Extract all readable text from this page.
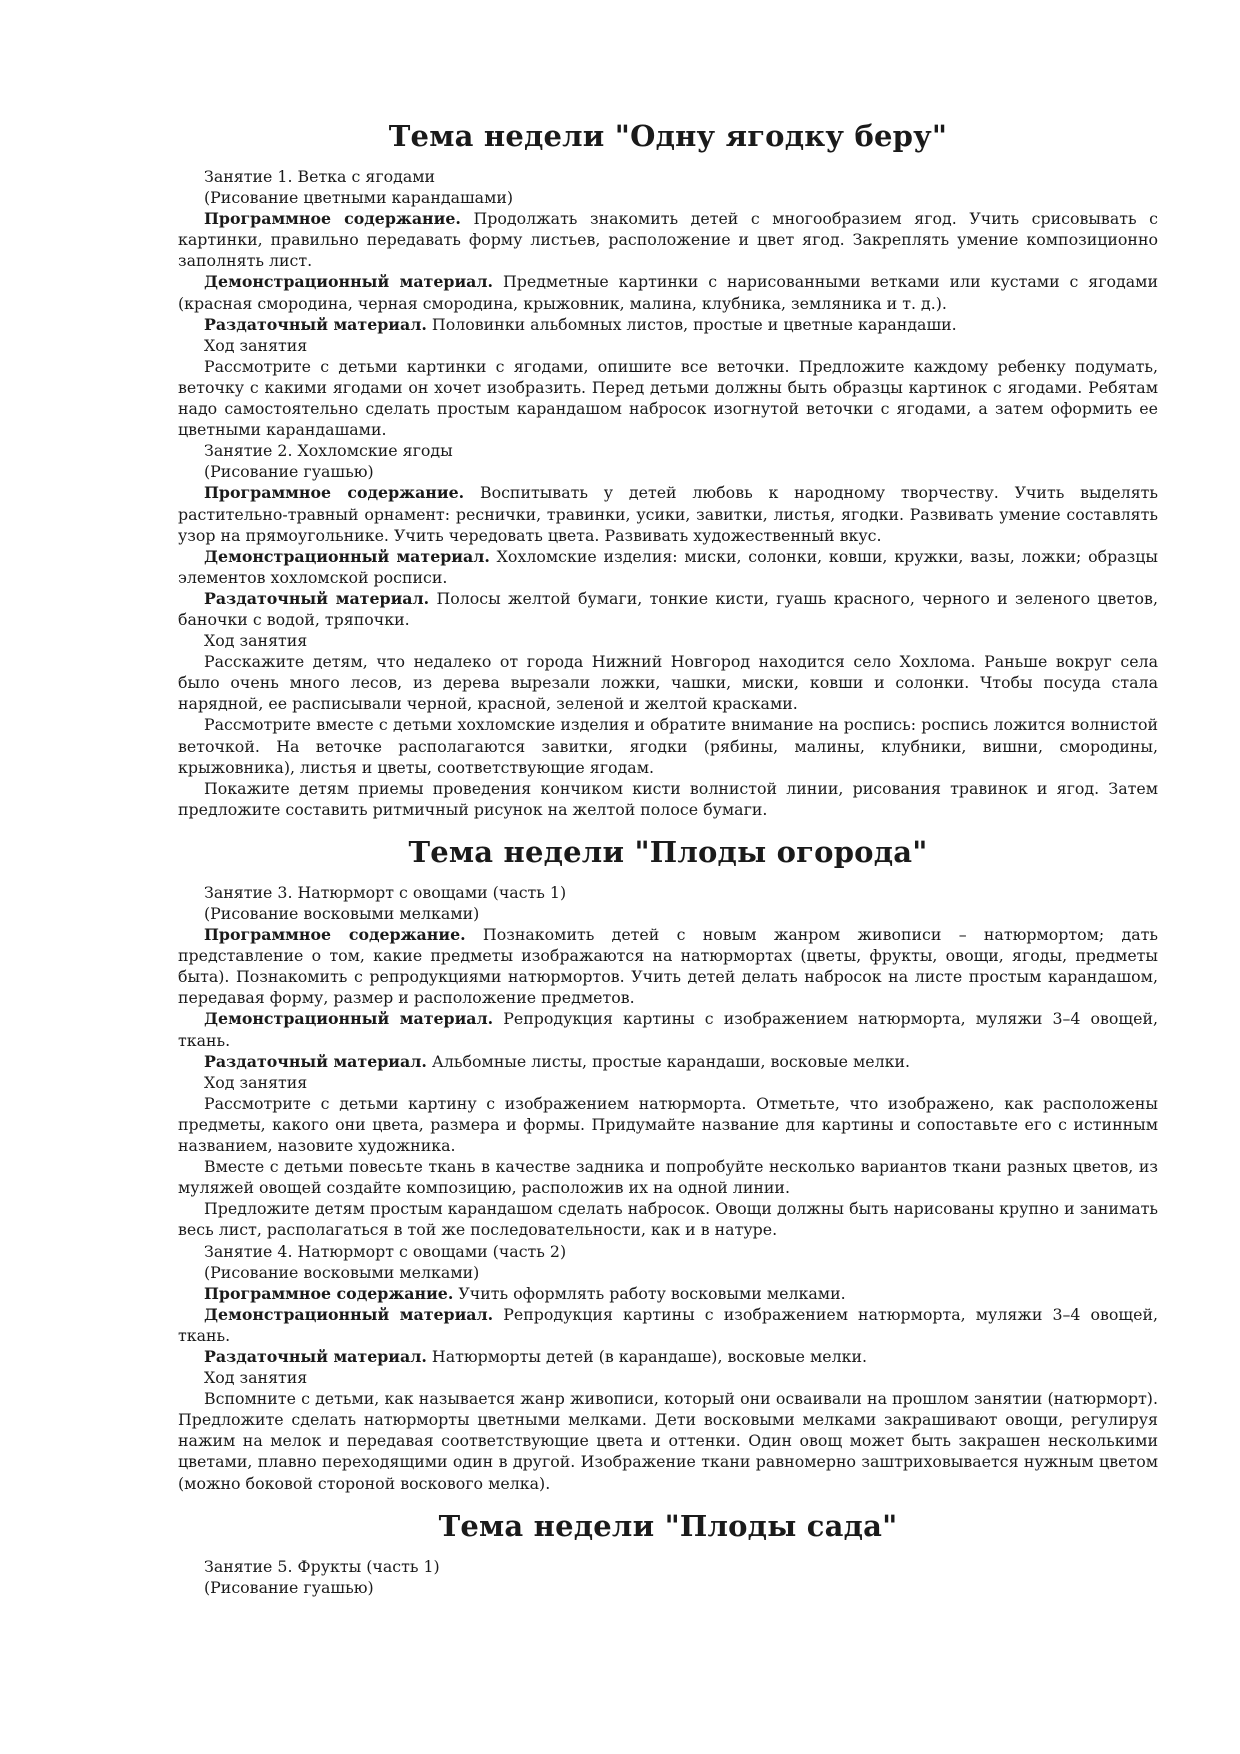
Тема недели "Одну ягодку беру"

Занятие 1. Ветка с ягодами

(Рисование цветными карандашами)

Программное содержание. Продолжать знакомить детей с многообразием ягод. Учить срисовывать с картинки, правильно передавать форму листьев, расположение и цвет ягод. Закреплять умение композиционно заполнять лист.

Демонстрационный материал. Предметные картинки с нарисованными ветками или кустами с ягодами (красная смородина, черная смородина, крыжовник, малина, клубника, земляника и т. д.).

Раздаточный материал. Половинки альбомных листов, простые и цветные карандаши.

Ход занятия

Рассмотрите с детьми картинки с ягодами, опишите все веточки. Предложите каждому ребенку подумать, веточку с какими ягодами он хочет изобразить. Перед детьми должны быть образцы картинок с ягодами. Ребятам надо самостоятельно сделать простым карандашом набросок изогнутой веточки с ягодами, а затем оформить ее цветными карандашами.

Занятие 2. Хохломские ягоды

(Рисование гуашью)

Программное содержание. Воспитывать у детей любовь к народному творчеству. Учить выделять растительно-травный орнамент: реснички, травинки, усики, завитки, листья, ягодки. Развивать умение составлять узор на прямоугольнике. Учить чередовать цвета. Развивать художественный вкус.

Демонстрационный материал. Хохломские изделия: миски, солонки, ковши, кружки, вазы, ложки; образцы элементов хохломской росписи.

Раздаточный материал. Полосы желтой бумаги, тонкие кисти, гуашь красного, черного и зеленого цветов, баночки с водой, тряпочки.

Ход занятия

Расскажите детям, что недалеко от города Нижний Новгород находится село Хохлома. Раньше вокруг села было очень много лесов, из дерева вырезали ложки, чашки, миски, ковши и солонки. Чтобы посуда стала нарядной, ее расписывали черной, красной, зеленой и желтой красками.

Рассмотрите вместе с детьми хохломские изделия и обратите внимание на роспись: роспись ложится волнистой веточкой. На веточке располагаются завитки, ягодки (рябины, малины, клубники, вишни, смородины, крыжовника), листья и цветы, соответствующие ягодам.

Покажите детям приемы проведения кончиком кисти волнистой линии, рисования травинок и ягод. Затем предложите составить ритмичный рисунок на желтой полосе бумаги.

Тема недели "Плоды огорода"

Занятие 3. Натюрморт с овощами (часть 1)

(Рисование восковыми мелками)

Программное содержание. Познакомить детей с новым жанром живописи – натюрмортом; дать представление о том, какие предметы изображаются на натюрмортах (цветы, фрукты, овощи, ягоды, предметы быта). Познакомить с репродукциями натюрмортов. Учить детей делать набросок на листе простым карандашом, передавая форму, размер и расположение предметов.

Демонстрационный материал. Репродукция картины с изображением натюрморта, муляжи 3–4 овощей, ткань.

Раздаточный материал. Альбомные листы, простые карандаши, восковые мелки.

Ход занятия

Рассмотрите с детьми картину с изображением натюрморта. Отметьте, что изображено, как расположены предметы, какого они цвета, размера и формы. Придумайте название для картины и сопоставьте его с истинным названием, назовите художника.

Вместе с детьми повесьте ткань в качестве задника и попробуйте несколько вариантов ткани разных цветов, из муляжей овощей создайте композицию, расположив их на одной линии.

Предложите детям простым карандашом сделать набросок. Овощи должны быть нарисованы крупно и занимать весь лист, располагаться в той же последовательности, как и в натуре.

Занятие 4. Натюрморт с овощами (часть 2)

(Рисование восковыми мелками)

Программное содержание. Учить оформлять работу восковыми мелками.

Демонстрационный материал. Репродукция картины с изображением натюрморта, муляжи 3–4 овощей, ткань.

Раздаточный материал. Натюрморты детей (в карандаше), восковые мелки.

Ход занятия

Вспомните с детьми, как называется жанр живописи, который они осваивали на прошлом занятии (натюрморт). Предложите сделать натюрморты цветными мелками. Дети восковыми мелками закрашивают овощи, регулируя нажим на мелок и передавая соответствующие цвета и оттенки. Один овощ может быть закрашен несколькими цветами, плавно переходящими один в другой. Изображение ткани равномерно заштриховывается нужным цветом (можно боковой стороной воскового мелка).

Тема недели "Плоды сада"

Занятие 5. Фрукты (часть 1)

(Рисование гуашью)
